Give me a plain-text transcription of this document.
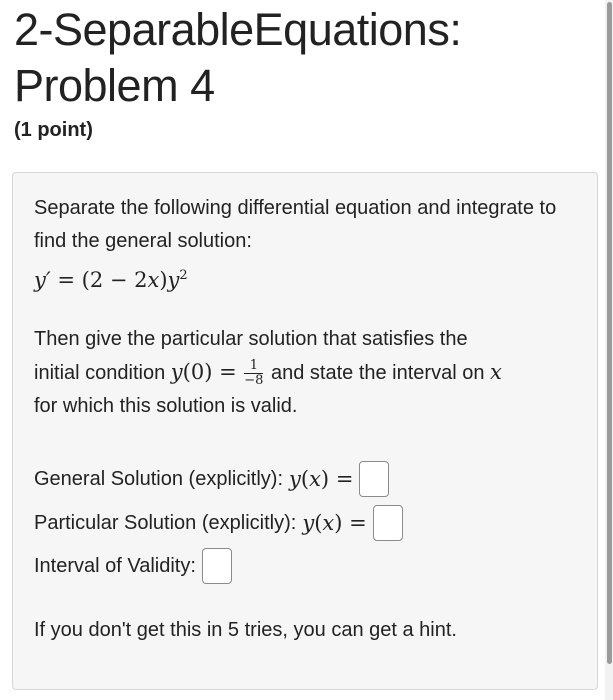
2-SeparableEquations: Problem 4
(1 point)
Separate the following differential equation and integrate to find the general solution:
$y' = (2 - 2x)y^2$
Then give the particular solution that satisfies the
initial condition $y(0) = \frac{1}{-8}$ and state the interval on x
for which this solution is valid.
General Solution (explicitly): y(x) =
Particular Solution (explicitly): y(x) =
Interval of Validity:
If you don't get this in 5 tries, you can get a hint.
